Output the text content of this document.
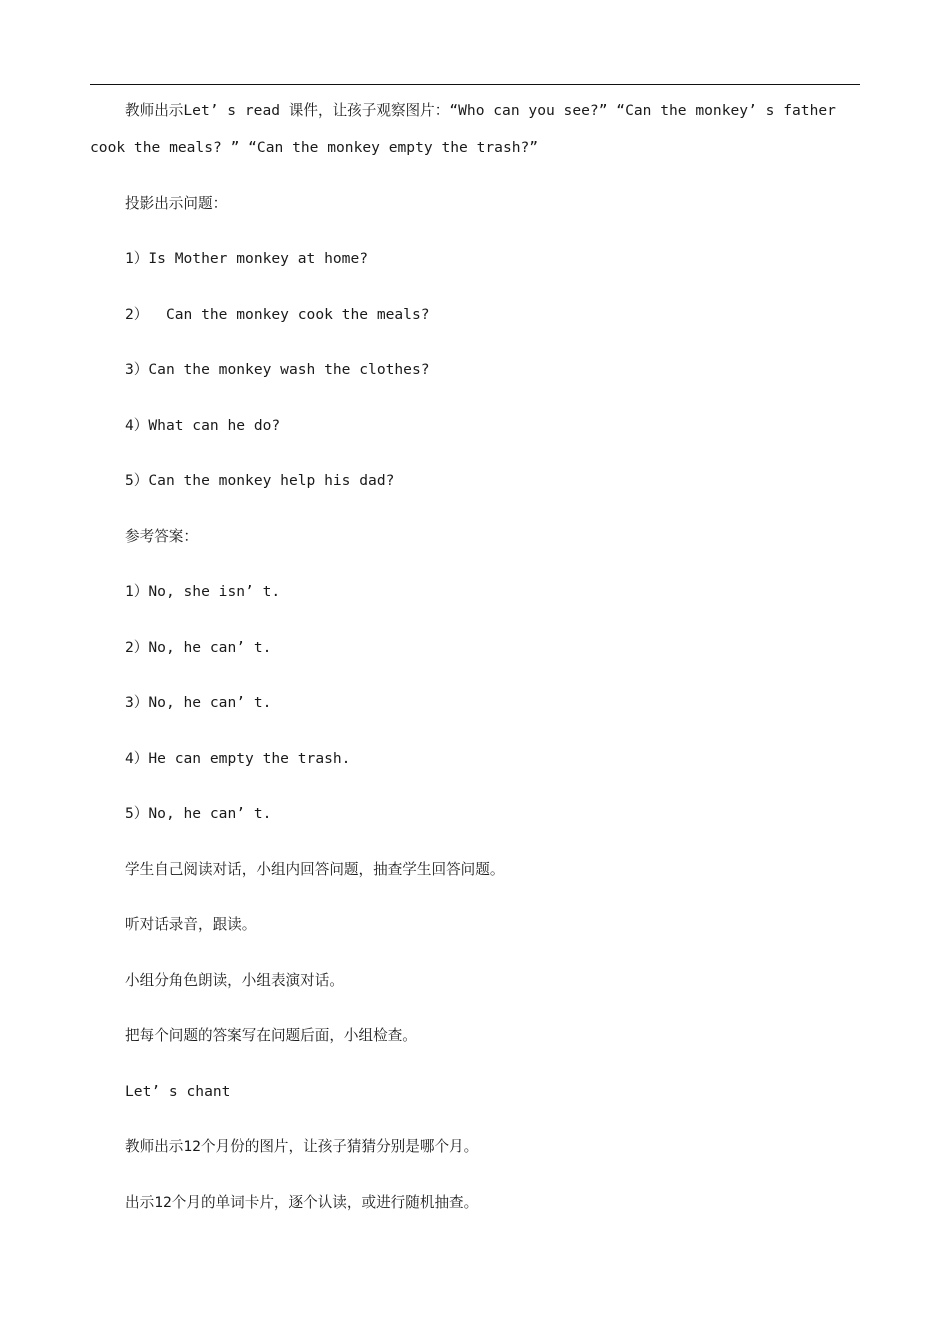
教师出示Let’ s read 课件，让孩子观察图片：“Who can you see?” “Can the monkey’ s father cook the meals? ” “Can the monkey empty the trash?”

投影出示问题：

1）Is Mother monkey at home?

2）  Can the monkey cook the meals?

3）Can the monkey wash the clothes?

4）What can he do?

5）Can the monkey help his dad?

参考答案：

1）No, she isn’ t.

2）No, he can’ t.

3）No, he can’ t.

4）He can empty the trash.

5）No, he can’ t.

学生自己阅读对话，小组内回答问题，抽查学生回答问题。

听对话录音，跟读。

小组分角色朗读，小组表演对话。

把每个问题的答案写在问题后面，小组检查。

Let’ s chant

教师出示12个月份的图片，让孩子猜猜分别是哪个月。

出示12个月的单词卡片，逐个认读，或进行随机抽查。
